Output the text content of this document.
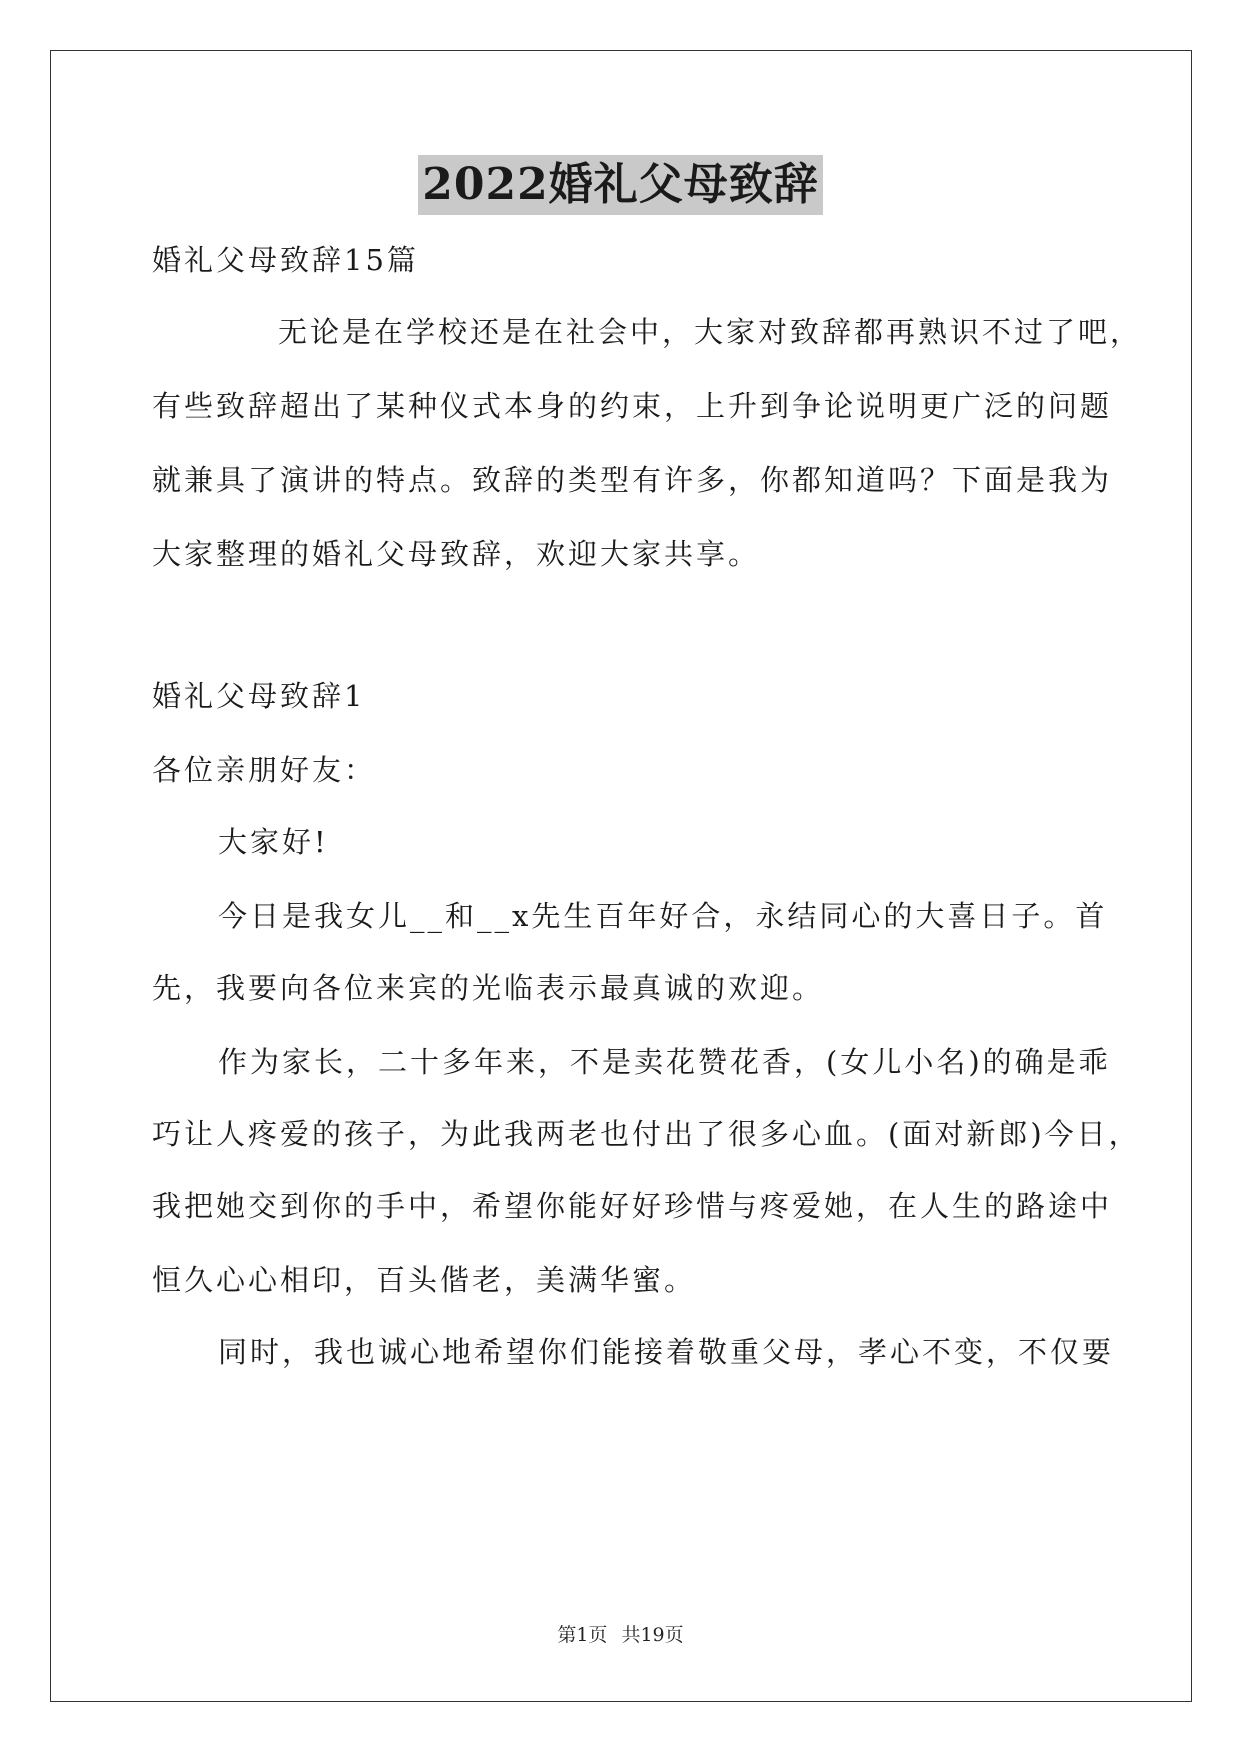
2022婚礼父母致辞
婚礼父母致辞15篇
无论是在学校还是在社会中，大家对致辞都再熟识不过了吧，
有些致辞超出了某种仪式本身的约束，上升到争论说明更广泛的问题
就兼具了演讲的特点。致辞的类型有许多，你都知道吗？下面是我为
大家整理的婚礼父母致辞，欢迎大家共享。
婚礼父母致辞1
各位亲朋好友：
大家好!
今日是我女儿__和__x先生百年好合，永结同心的大喜日子。首
先，我要向各位来宾的光临表示最真诚的欢迎。
作为家长，二十多年来，不是卖花赞花香，(女儿小名)的确是乖
巧让人疼爱的孩子，为此我两老也付出了很多心血。(面对新郎)今日，
我把她交到你的手中，希望你能好好珍惜与疼爱她，在人生的路途中
恒久心心相印，百头偕老，美满华蜜。
同时，我也诚心地希望你们能接着敬重父母，孝心不变，不仅要
第1页 共19页
